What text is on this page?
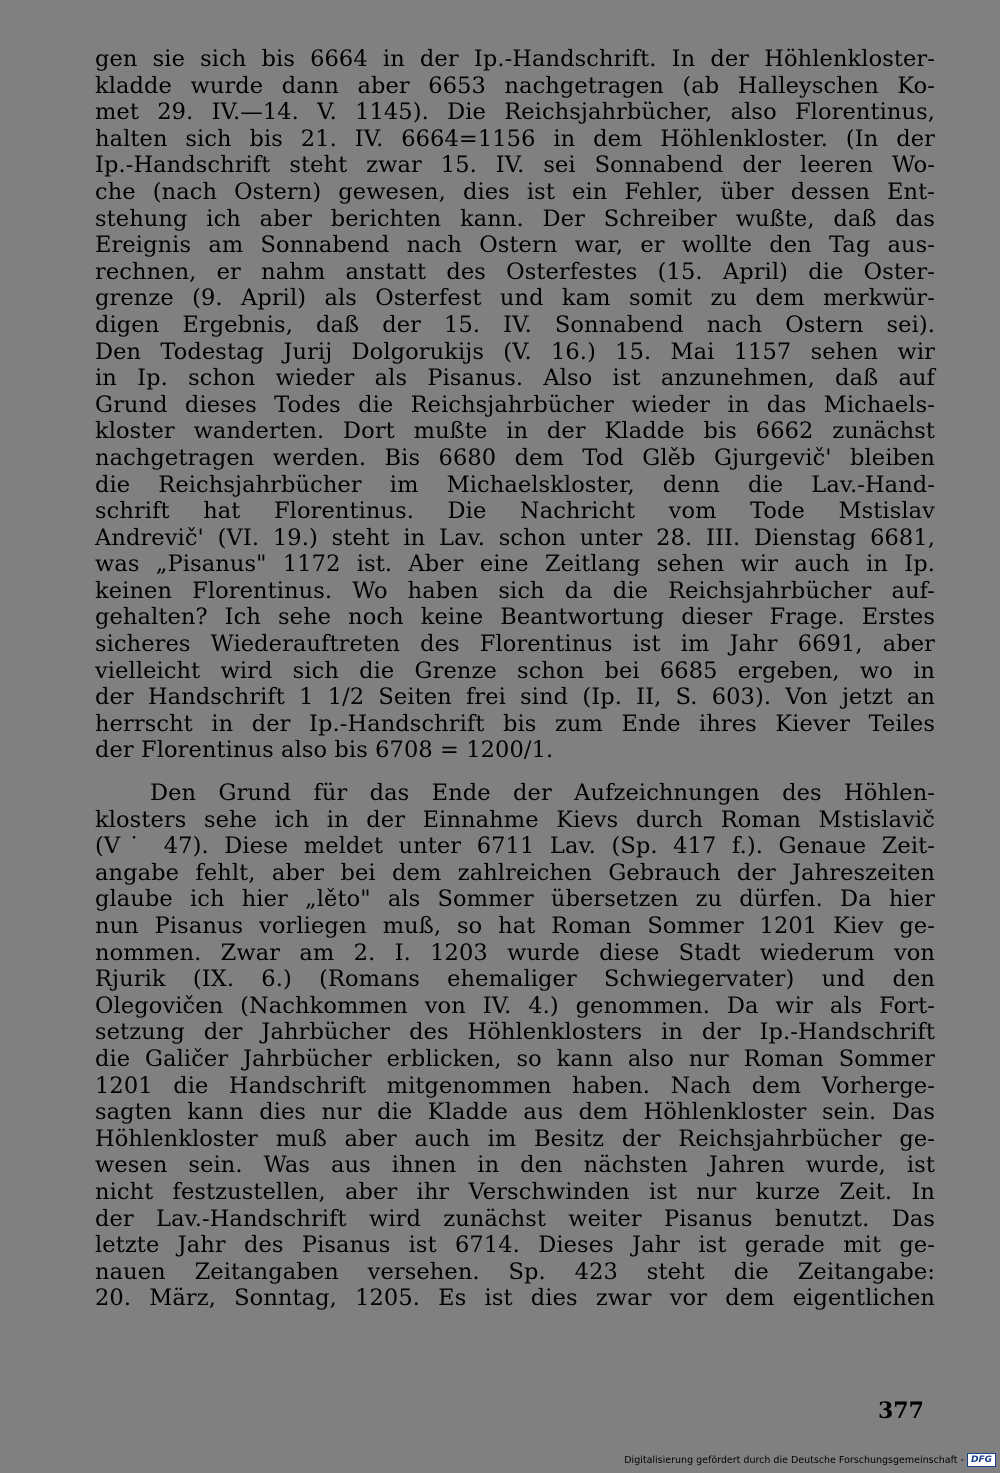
gen sie sich bis 6664 in der Ip.-Handschrift. In der Höhlenkloster-
kladde wurde dann aber 6653 nachgetragen (ab Halleyschen Ko-
met 29. IV.—14. V. 1145). Die Reichsjahrbücher, also Florentinus,
halten sich bis 21. IV. 6664=1156 in dem Höhlenkloster. (In der
Ip.-Handschrift steht zwar 15. IV. sei Sonnabend der leeren Wo-
che (nach Ostern) gewesen, dies ist ein Fehler, über dessen Ent-
stehung ich aber berichten kann. Der Schreiber wußte, daß das
Ereignis am Sonnabend nach Ostern war, er wollte den Tag aus-
rechnen, er nahm anstatt des Osterfestes (15. April) die Oster-
grenze (9. April) als Osterfest und kam somit zu dem merkwür-
digen Ergebnis, daß der 15. IV. Sonnabend nach Ostern sei).
Den Todestag Jurij Dolgorukijs (V. 16.) 15. Mai 1157 sehen wir
in Ip. schon wieder als Pisanus. Also ist anzunehmen, daß auf
Grund dieses Todes die Reichsjahrbücher wieder in das Michaels-
kloster wanderten. Dort mußte in der Kladde bis 6662 zunächst
nachgetragen werden. Bis 6680 dem Tod Glěb Gjurgevič' bleiben
die Reichsjahrbücher im Michaelskloster, denn die Lav.-Hand-
schrift hat Florentinus. Die Nachricht vom Tode Mstislav
Andrevič' (VI. 19.) steht in Lav. schon unter 28. III. Dienstag 6681,
was „Pisanus" 1172 ist. Aber eine Zeitlang sehen wir auch in Ip.
keinen Florentinus. Wo haben sich da die Reichsjahrbücher auf-
gehalten? Ich sehe noch keine Beantwortung dieser Frage. Erstes
sicheres Wiederauftreten des Florentinus ist im Jahr 6691, aber
vielleicht wird sich die Grenze schon bei 6685 ergeben, wo in
der Handschrift 1 1/2 Seiten frei sind (Ip. II, S. 603). Von jetzt an
herrscht in der Ip.-Handschrift bis zum Ende ihres Kiever Teiles
der Florentinus also bis 6708 = 1200/1.
Den Grund für das Ende der Aufzeichnungen des Höhlen-
klosters sehe ich in der Einnahme Kievs durch Roman Mstislavič
(V˙ 47). Diese meldet unter 6711 Lav. (Sp. 417 f.). Genaue Zeit-
angabe fehlt, aber bei dem zahlreichen Gebrauch der Jahreszeiten
glaube ich hier „lěto" als Sommer übersetzen zu dürfen. Da hier
nun Pisanus vorliegen muß, so hat Roman Sommer 1201 Kiev ge-
nommen. Zwar am 2. I. 1203 wurde diese Stadt wiederum von
Rjurik (IX. 6.) (Romans ehemaliger Schwiegervater) und den
Olegovičen (Nachkommen von IV. 4.) genommen. Da wir als Fort-
setzung der Jahrbücher des Höhlenklosters in der Ip.-Handschrift
die Galičer Jahrbücher erblicken, so kann also nur Roman Sommer
1201 die Handschrift mitgenommen haben. Nach dem Vorherge-
sagten kann dies nur die Kladde aus dem Höhlenkloster sein. Das
Höhlenkloster muß aber auch im Besitz der Reichsjahrbücher ge-
wesen sein. Was aus ihnen in den nächsten Jahren wurde, ist
nicht festzustellen, aber ihr Verschwinden ist nur kurze Zeit. In
der Lav.-Handschrift wird zunächst weiter Pisanus benutzt. Das
letzte Jahr des Pisanus ist 6714. Dieses Jahr ist gerade mit ge-
nauen Zeitangaben versehen. Sp. 423 steht die Zeitangabe:
20. März, Sonntag, 1205. Es ist dies zwar vor dem eigentlichen
377
Digitalisierung gefördert durch die Deutsche Forschungsgemeinschaft - DFG
